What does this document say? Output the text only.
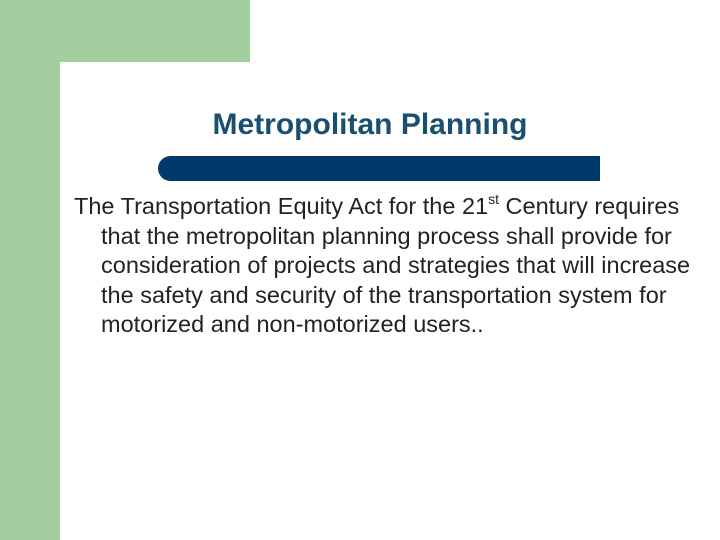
Metropolitan Planning

The Transportation Equity Act for the 21st Century requires that the metropolitan planning process shall provide for consideration of projects and strategies that will increase the safety and security of the transportation system for motorized and non-motorized users..
